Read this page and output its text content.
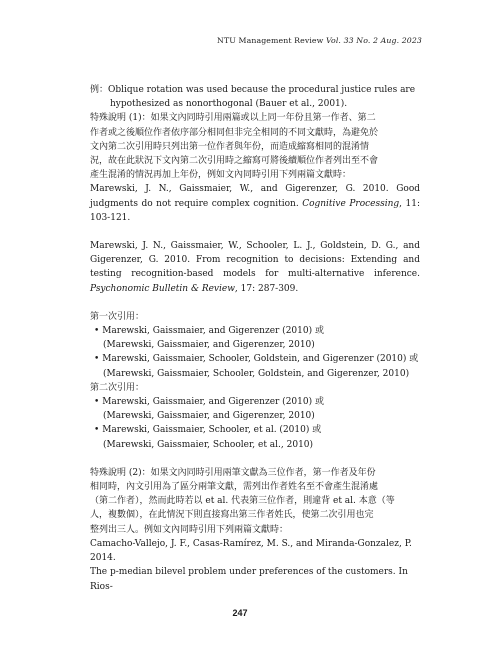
NTU Management Review Vol. 33 No. 2 Aug. 2023

例：Oblique rotation was used because the procedural justice rules are

hypothesized as nonorthogonal (Bauer et al., 2001).

特殊說明 (1)：如果文內同時引用兩篇或以上同一年份且第一作者、第二

作者或之後順位作者依序部分相同但非完全相同的不同文獻時，為避免於

文內第二次引用時只列出第一位作者與年份，而造成縮寫相同的混淆情

況，故在此狀況下文內第二次引用時之縮寫可將後續順位作者列出至不會

產生混淆的情況再加上年份，例如文內同時引用下列兩篇文獻時：

Marewski, J. N., Gaissmaier, W., and Gigerenzer, G. 2010. Good judgments do not require complex cognition. Cognitive Processing, 11: 103-121.

Marewski, J. N., Gaissmaier, W., Schooler, L. J., Goldstein, D. G., and Gigerenzer, G. 2010. From recognition to decisions: Extending and testing recognition-based models for multi-alternative inference. Psychonomic Bulletin & Review, 17: 287-309.

第一次引用：

• Marewski, Gaissmaier, and Gigerenzer (2010) 或

(Marewski, Gaissmaier, and Gigerenzer, 2010)

• Marewski, Gaissmaier, Schooler, Goldstein, and Gigerenzer (2010) 或

(Marewski, Gaissmaier, Schooler, Goldstein, and Gigerenzer, 2010)

第二次引用：

• Marewski, Gaissmaier, and Gigerenzer (2010) 或

(Marewski, Gaissmaier, and Gigerenzer, 2010)

• Marewski, Gaissmaier, Schooler, et al. (2010) 或

(Marewski, Gaissmaier, Schooler, et al., 2010)

特殊說明 (2)：如果文內同時引用兩筆文獻為三位作者，第一作者及年份

相同時，內文引用為了區分兩筆文獻，需列出作者姓名至不會產生混淆處

（第二作者），然而此時若以 et al. 代表第三位作者，則違背 et al. 本意（等

人，複數個），在此情況下則直接寫出第三作者姓氏，使第二次引用也完

整列出三人。例如文內同時引用下列兩篇文獻時：

Camacho-Vallejo, J. F., Casas-Ramírez, M. S., and Miranda-Gonzalez, P. 2014.

The p-median bilevel problem under preferences of the customers. In Rios-

247
